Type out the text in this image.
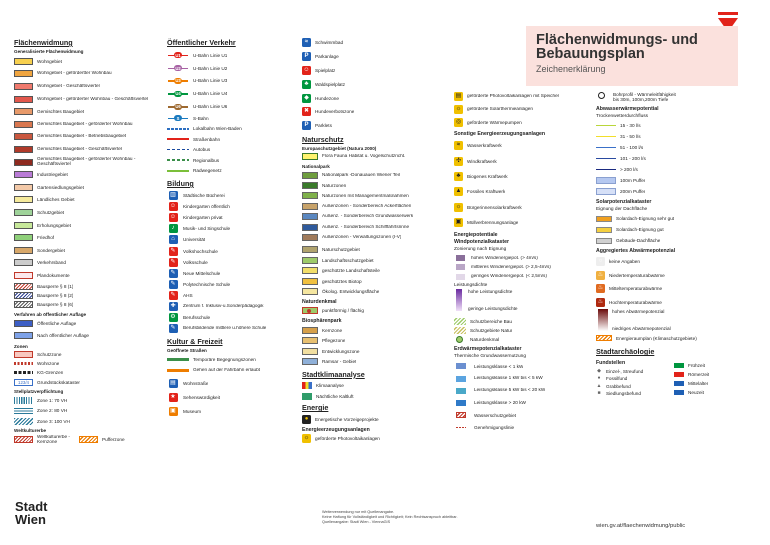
Flächenwidmungs- und
Bebauungsplan
Zeichenerklärung
Flächenwidmung
Generalisierte Flächenwidmung
Wohngebiet
Wohngebiet - gefördertter Wohnbau
Wohngebiet - Geschäftsviertel
Wohngebiet - geförderter Wohnbau - Geschäftsviertel
Gemischtes Baugebiet
Gemischtes Baugebiet - geförderter Wohnbau
Gemischtes Baugebiet - Betriebsbaugebiet
Gemischtes Baugebiet - Geschäftsviertel
Gemischtes Baugebiet - geförderter Wohnbau - Geschäftsviertel
Industriegebiet
Gartensiedlungsgebiet
Ländliches Gebiet
Schutzgebiet
Erholungsgebiet
Friedhof
Sondergebiet
Verkehrsband
Plandokumente
Bausperre § 8 (1)
Bausperre § 8 (2)
Bausperre § 8 (6)
Verfahren ab öffentlicher Auflage
Öffentliche Auflage
Nach öffentlicher Auflage
Zonen
Schutzzone
Wohnzone
KG-Grenzen
123/4	Grundstückskataster
Stellplatzverpflichtung
Zone 1: 70 VH
Zone 2: 80 VH
Zone 3: 100 VH
Weltkulturerbe
Weltkulturerbe - Kernzone	Pufferzone
Öffentlicher Verkehr
U1	U-Bahn Linie U1
U2	U-Bahn Linie U2
U3	U-Bahn Linie U3
U4	U-Bahn Linie U4
U6	U-Bahn Linie U6
S	S-Bahn
Lokalbahn Wien-Baden
Straßenbahn
Autobus
Regionalbus
Radwegenetz
Bildung
▥	Städtische Bücherei
☺	Kindergarten öffentlich
☺	Kindergarten privat
♪	Musik- und Singschule
⌂	Universität
✎	Volkshochschule
✎	Volksschule
✎	Neue Mittelschule
✎	Polytechnische Schule
✎	AHS
✚	Zentrum f. Inklusiv-u.Sonderpädagogik
⚙	Berufsschule
✎	Berufsbildende mittlere u.höhere Schule
Kultur & Freizeit
Geöffnete Straßen
Temporäre Begegnungszonen
Gehen auf der Fahrbahn erlaubt
▤	Wohnstraße
★	Sehenswürdigkeit
▣	Museum
≈	Schwimmbad
P	Parkanlage
☺	Spielplatz
♣	Waldspielplatz
◆	Hundezone
✖	Hundeverbotszone
P	Parklets
Naturschutz
Europaschutzgebiet (Natura 2000)
Flora Fauna Habitat u. Vogelschutzricht.
Nationalpark
Nationalpark -Donauauen Wiener Teil
Naturzonen
Naturzonen mit Managementmaßnahmen
Außenzonen - Sonderbereich Ackerflächen
Außenz. - Sonderbereich Grundwasserwerk
Außenz. - Sonderbereich Schifffahrtsrinne
Außenzonen - Verwaltungszonen (I-V)
Naturschutzgebiet
Landschaftsschutzgebiet
geschützte Landschaftsteile
geschütztes Biotop
Ökolog. Entwicklungsfläche
Naturdenkmal
punktförmig / flächig
Biosphärenpark
Kernzone
Pflegezone
Entwicklungszone
Ramsar - Gebiet
Stadtklimaanalyse
Klimaanalyse
Nächtliche Kaltluft
Energie
●	Energetische Vorzeigeprojekte
Energieerzeugungsanlagen
☼	geförderte Photovoltaikanlagen
▤	geförderte Photovoltaikanlagen mit Speicher
☼	geförderte Solarthermieanlagen
◎	geförderte Wärmepumpen
Sonstige Energieerzeugungsanlagen
≈	Wasserkraftwerk
✣	Windkraftwerk
♣	Biogenes Kraftwerk
▲	Fossiles Kraftwerk
☼	Bürgerinnensolarkraftwerk
▣	Müllverbrennungsanlage
Energiepotentiale
Windpotenzialkataster
Zonierung nach Eignung
hohes Windenergiepot. (> 4m/s)
mittleres Windenergiepot. (> 2,5-4m/s)
geringes Windenergiepot. (< 2,5m/s)
Leistungsdichte
hohe Leistungsdichte
geringe Leistungsdichte
Schutzbereiche Bau
Schutzgebiete Natur
Naturdenkmal
Erdwärmepotenzialkataster
Thermische Grundwassernutzung
Leistungsklasse < 1 kW
Leistungsklasse 1 kW bis < 5 kW
Leistungsklasse 5 kW bis < 20 kW
Leistungsklasse > 20 kW
Wasserschutzgebiet
Genehmigungslinie
Bohrprofil - Wärmeleitfähigkeit
bis 30m, 100m,200m Tiefe
Abwasserwärmepotential
Trockenwetterdurchfluss
15 - 30 l/s
31 - 50 l/s
51 - 100 l/s
101 - 200 l/s
> 200 l/s
100m Puffer
200m Puffer
Solarpotenzialkataster
Eignung der Dachfläche
Solardach-Eignung sehr gut
Solardach-Eignung gut
Gebäude-Dachfläche
Aggregiertes Abwärmepotenzial
○	keine Angaben
♨	Niedertemperaturabwärme
♨	Mitteltemperaturabwärme
♨	Hochtemperaturabwärme
hohes Abwärmepotenzial
niedriges Abwärmepotenzial
Energieraumplan (Klimaschutzgebiete)
Stadtarchäologie
Fundstellen
◆ Einzel-, Streufund
●	Fossilfund
▲ Grabbefund
■	Siedlungsbefund
Frühzeit
Römerzeit
Mittelalter
Neuzeit
Stadt
Wien	Weiterverwendung nur mit Quellenangabe.
Keine Haftung für Vollständigkeit und Richtigkeit; Kein Rechtsanspruch ableitbar.
Quellenangabe: Stadt Wien - ViennaGIS
wien.gv.at/flaechenwidmung/public
